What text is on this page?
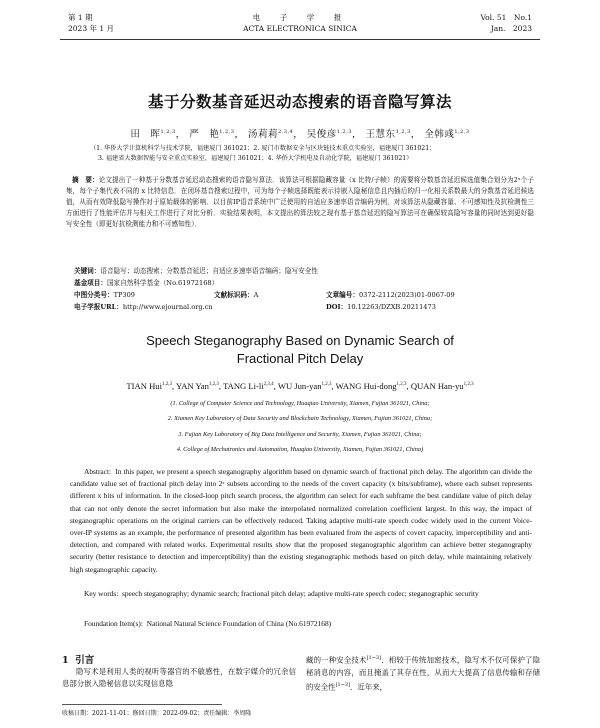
第 1 期
2023 年 1 月
电　子　学　报
ACTA ELECTRONICA SINICA
Vol. 51　No.1
Jan.　2023
基于分数基音延迟动态搜索的语音隐写算法
田　晖$^{1,2,3}$， 严　艳$^{1,2,3}$， 汤莉莉$^{2,3,4}$， 吴俊彦$^{1,2,3}$， 王慧东$^{1,2,3}$， 全韩彧$^{1,2,3}$
（1. 华侨大学计算机科学与技术学院，福建厦门 361021；2. 厦门市数据安全与区块链技术重点实验室，福建厦门 361021；
3. 福建省大数据智能与安全重点实验室，福建厦门 361021；4. 华侨大学机电及自动化学院，福建厦门 361021）
摘　要：论文提出了一种基于分数基音延迟动态搜索的语音隐写算法．该算法可根据隐藏容量（x 比特/子帧）的需要将分数基音延迟候选值集合划分为2ˣ个子集，每个子集代表不同的 x 比特信息．在闭环基音搜索过程中，可为每个子帧选择既能表示待嵌入隐秘信息且内插后的归一化相关系数最大的分数基音延迟候选值，从而有效降低隐写操作对于原始载体的影响．以目前IP语音系统中广泛使用的自适应多速率语音编码为例，对该算法从隐藏容量、不可感知性及抗检测性三方面进行了性能评估并与相关工作进行了对比分析．实验结果表明，本文提出的算法较之现有基于基音延迟的隐写算法可在确保较高隐写容量的同时达到更好隐写安全性（即更好抗检测能力和不可感知性）．
关键词：语音隐写；动态搜索；分数基音延迟；自适应多速率语音编码；隐写安全性
基金项目：国家自然科学基金（No.61972168）
中图分类号：TP309	文献标识码：A	文章编号：0372-2112(2023)01-0067-09
电子学报URL：http://www.ejournal.org.cn	DOI：10.12263/DZXB.20211473
Speech Steganography Based on Dynamic Search of
Fractional Pitch Delay
TIAN Hui$^{1,2,3}$, YAN Yan$^{1,2,3}$, TANG Li-li$^{2,3,4}$, WU Jun-yan$^{1,2,3}$, WANG Hui-dong$^{1,2,3}$, QUAN Han-yu$^{1,2,3}$
(1. College of Computer Science and Technology, Huaqiao University, Xiamen, Fujian 361021, China;
2. Xiamen Key Laboratory of Data Security and Blockchain Technology, Xiamen, Fujian 361021, China;
3. Fujian Key Laboratory of Big Data Intelligence and Security, Xiamen, Fujian 361021, China;
4. College of Mechatronics and Automation, Huaqiao University, Xiamen, Fujian 361021, China)
Abstract: In this paper, we present a speech steganography algorithm based on dynamic search of fractional pitch delay. The algorithm can divide the candidate value set of fractional pitch delay into 2ˣ subsets according to the needs of the covert capacity (x bits/subframe), where each subset represents different x bits of information. In the closed-loop pitch search process, the algorithm can select for each subframe the best candidate value of pitch delay that can not only denote the secret information but also make the interpolated normalized correlation coefficient largest. In this way, the impact of steganographic operations on the original carriers can be effectively reduced. Taking adaptive multi-rate speech codec widely used in the current Voice-over-IP systems as an example, the performance of presented algorithm has been evaluated from the aspects of covert capacity, imperceptibility and anti-detection, and compared with related works. Experimental results show that the proposed steganographic algorithm can achieve better steganography security (better resistance to detection and imperceptibility) than the existing steganographic methods based on pitch delay, while maintaining relatively high steganographic capacity.
Key words: speech steganography; dynamic search; fractional pitch delay; adaptive multi-rate speech codec; steganographic security
Foundation Item(s): National Natural Science Foundation of China (No.61972168)
1 引言
隐写术是利用人类的视听等器官的不敏感性，在数字媒介的冗余信息部分嵌入隐秘信息以实现信息隐
藏的一种安全技术[1~3]．相较于传统加密技术，隐写术不仅可保护了隐秘消息的内容，而且掩盖了其存在性，从而大大提高了信息传输和存储的安全性[1~3]．近年来，
收稿日期：2021-11-01；修回日期：2022-09-02；责任编辑：李周隆
